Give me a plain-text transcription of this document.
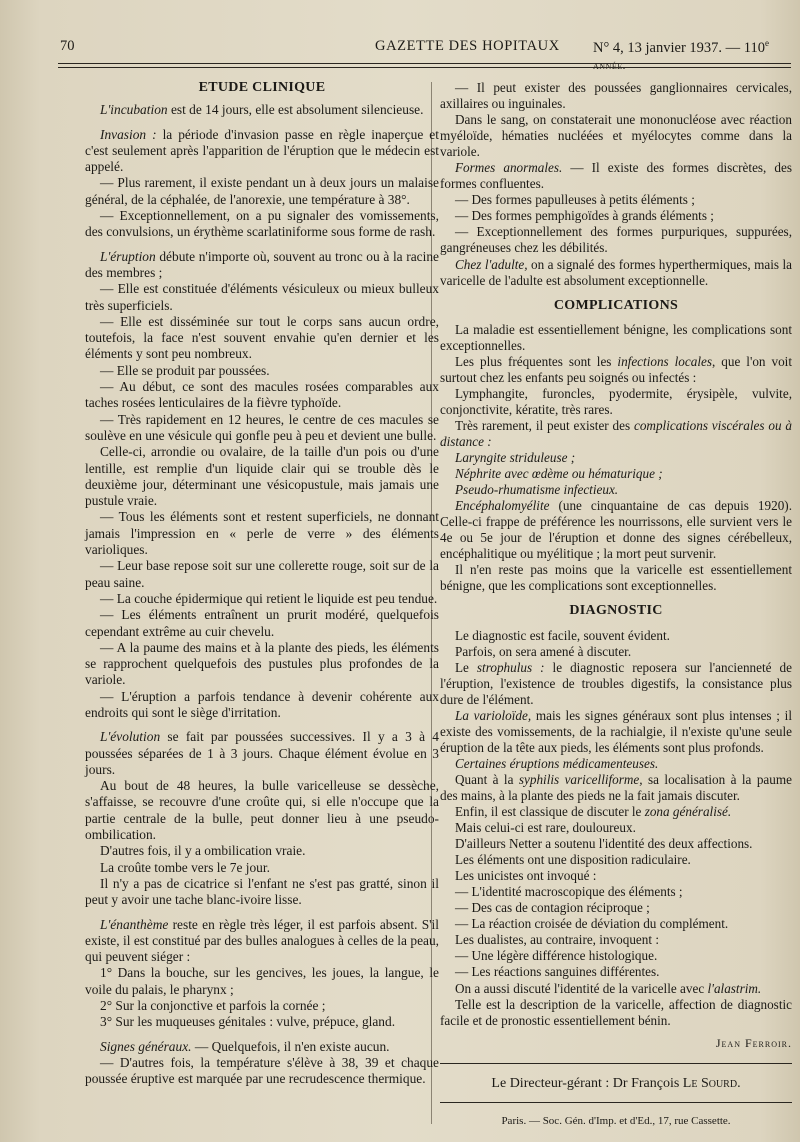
70	GAZETTE DES HOPITAUX N° 4, 13 janvier 1937. — 110e année.
ETUDE CLINIQUE

L'incubation est de 14 jours, elle est absolument silencieuse.

Invasion : la période d'invasion passe en règle inaperçue et c'est seulement après l'apparition de l'éruption que le médecin est appelé.

— Plus rarement, il existe pendant un à deux jours un malaise général, de la céphalée, de l'anorexie, une température à 38°.

— Exceptionnellement, on a pu signaler des vomissements, des convulsions, un érythème scarlatiniforme sous forme de rash.

L'éruption débute n'importe où, souvent au tronc ou à la racine des membres ;

— Elle est constituée d'éléments vésiculeux ou mieux bulleux très superficiels.

— Elle est disséminée sur tout le corps sans aucun ordre, toutefois, la face n'est souvent envahie qu'en dernier et les éléments y sont peu nombreux.

— Elle se produit par poussées.

— Au début, ce sont des macules rosées comparables aux taches rosées lenticulaires de la fièvre typhoïde.

— Très rapidement en 12 heures, le centre de ces macules se soulève en une vésicule qui gonfle peu à peu et devient une bulle.

Celle-ci, arrondie ou ovalaire, de la taille d'un pois ou d'une lentille, est remplie d'un liquide clair qui se trouble dès le deuxième jour, déterminant une vésicopustule, mais jamais une pustule vraie.

— Tous les éléments sont et restent superficiels, ne donnant jamais l'impression en « perle de verre » des éléments varioliques.

— Leur base repose soit sur une collerette rouge, soit sur de la peau saine.

— La couche épidermique qui retient le liquide est peu tendue.

— Les éléments entraînent un prurit modéré, quelquefois cependant extrême au cuir chevelu.

— A la paume des mains et à la plante des pieds, les éléments se rapprochent quelquefois des pustules plus profondes de la variole.

— L'éruption a parfois tendance à devenir cohérente aux endroits qui sont le siège d'irritation.

L'évolution se fait par poussées successives. Il y a 3 à 4 poussées séparées de 1 à 3 jours. Chaque élément évolue en 3 jours.

Au bout de 48 heures, la bulle varicelleuse se dessèche, s'affaisse, se recouvre d'une croûte qui, si elle n'occupe que la partie centrale de la bulle, peut donner lieu à une pseudo-ombilication.

D'autres fois, il y a ombilication vraie.

La croûte tombe vers le 7e jour.

Il n'y a pas de cicatrice si l'enfant ne s'est pas gratté, sinon il peut y avoir une tache blanc-ivoire lisse.

L'énanthème reste en règle très léger, il est parfois absent. S'il existe, il est constitué par des bulles analogues à celles de la peau, qui peuvent siéger :

1° Dans la bouche, sur les gencives, les joues, la langue, le voile du palais, le pharynx ;

2° Sur la conjonctive et parfois la cornée ;

3° Sur les muqueuses génitales : vulve, prépuce, gland.

Signes généraux. — Quelquefois, il n'en existe aucun.

— D'autres fois, la température s'élève à 38, 39 et chaque poussée éruptive est marquée par une recrudescence thermique.

— Il peut exister des poussées ganglionnaires cervicales, axillaires ou inguinales.

Dans le sang, on constaterait une mononucléose avec réaction myéloïde, hématies nucléées et myélocytes comme dans la variole.

Formes anormales. — Il existe des formes discrètes, des formes confluentes.

— Des formes papulleuses à petits éléments ;

— Des formes pemphigoïdes à grands éléments ;

— Exceptionnellement des formes purpuriques, suppurées, gangréneuses chez les débilités.

Chez l'adulte, on a signalé des formes hyperthermiques, mais la varicelle de l'adulte est absolument exceptionnelle.

COMPLICATIONS

La maladie est essentiellement bénigne, les complications sont exceptionnelles.

Les plus fréquentes sont les infections locales, que l'on voit surtout chez les enfants peu soignés ou infectés :

Lymphangite, furoncles, pyodermite, érysipèle, vulvite, conjonctivite, kératite, très rares.

Très rarement, il peut exister des complications viscérales ou à distance :

Laryngite striduleuse ;

Néphrite avec œdème ou hématurique ;

Pseudo-rhumatisme infectieux.

Encéphalomyélite (une cinquantaine de cas depuis 1920). Celle-ci frappe de préférence les nourrissons, elle survient vers le 4e ou 5e jour de l'éruption et donne des signes cérébelleux, encéphalitique ou myélitique ; la mort peut survenir.

Il n'en reste pas moins que la varicelle est essentiellement bénigne, que les complications sont exceptionnelles.

DIAGNOSTIC

Le diagnostic est facile, souvent évident.

Parfois, on sera amené à discuter.

Le strophulus : le diagnostic reposera sur l'ancienneté de l'éruption, l'existence de troubles digestifs, la consistance plus dure de l'élément.

La varioloïde, mais les signes généraux sont plus intenses ; il existe des vomissements, de la rachialgie, il n'existe qu'une seule éruption de la tête aux pieds, les éléments sont plus profonds.

Certaines éruptions médicamenteuses.

Quant à la syphilis varicelliforme, sa localisation à la paume des mains, à la plante des pieds ne la fait jamais discuter.

Enfin, il est classique de discuter le zona généralisé.

Mais celui-ci est rare, douloureux.

D'ailleurs Netter a soutenu l'identité des deux affections.

Les éléments ont une disposition radiculaire.

Les unicistes ont invoqué :

— L'identité macroscopique des éléments ;

— Des cas de contagion réciproque ;

— La réaction croisée de déviation du complément.

Les dualistes, au contraire, invoquent :

— Une légère différence histologique.

— Les réactions sanguines différentes.

On a aussi discuté l'identité de la varicelle avec l'alastrim.

Telle est la description de la varicelle, affection de diagnostic facile et de pronostic essentiellement bénin.

Jean Ferroir.
Le Directeur-gérant : Dr François Le Sourd.
Paris. — Soc. Gén. d'Imp. et d'Ed., 17, rue Cassette.
